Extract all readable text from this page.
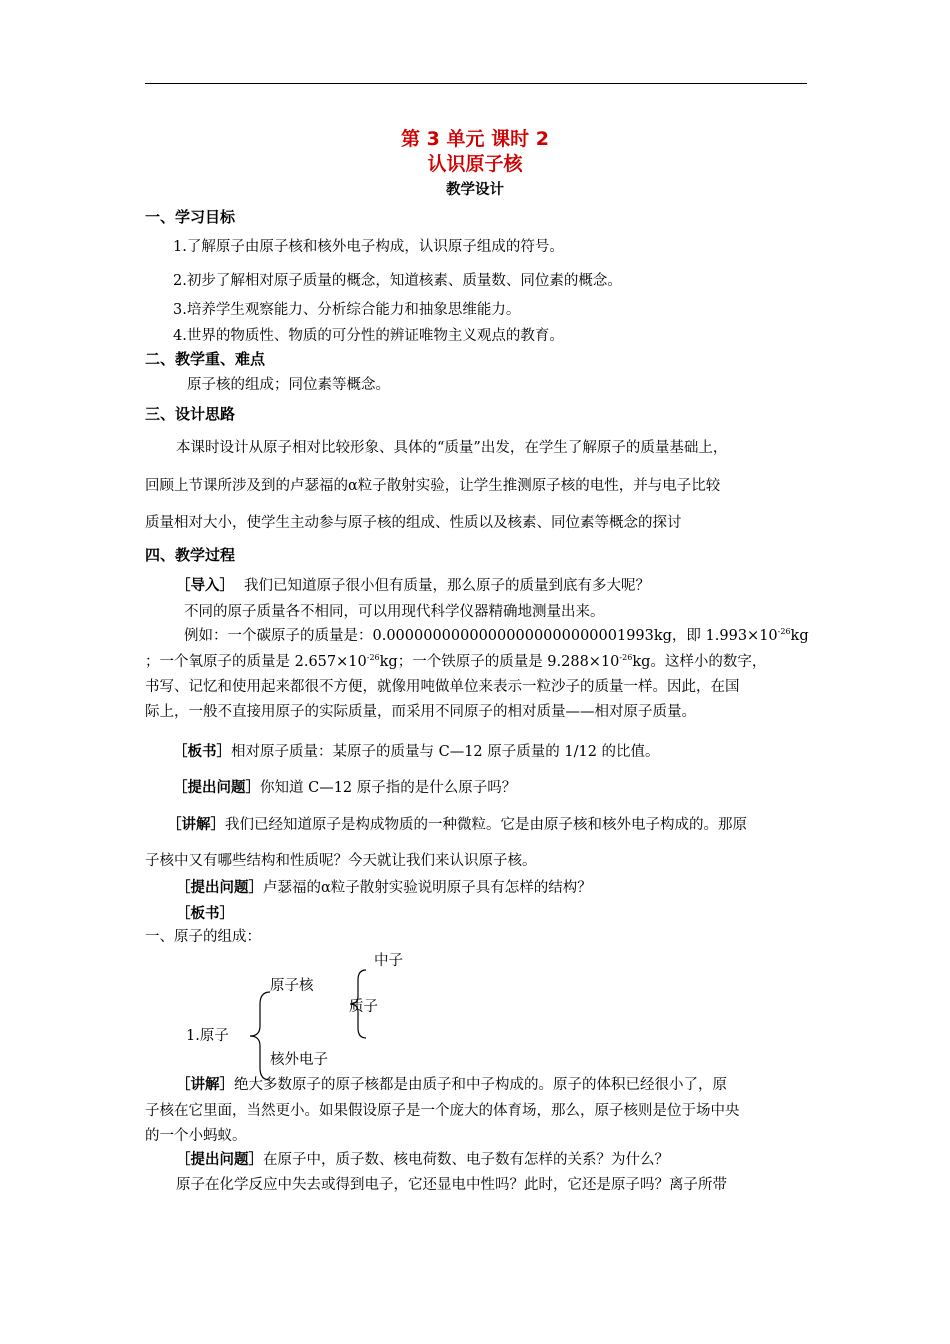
第 3 单元 课时 2
认识原子核
教学设计
一、学习目标
1.了解原子由原子核和核外电子构成，认识原子组成的符号。
2.初步了解相对原子质量的概念，知道核素、质量数、同位素的概念。
3.培养学生观察能力、分析综合能力和抽象思维能力。
4.世界的物质性、物质的可分性的辨证唯物主义观点的教育。
二、教学重、难点
原子核的组成；同位素等概念。
三、设计思路
本课时设计从原子相对比较形象、具体的“质量”出发，在学生了解原子的质量基础上，
回顾上节课所涉及到的卢瑟福的α粒子散射实验，让学生推测原子核的电性，并与电子比较
质量相对大小，使学生主动参与原子核的组成、性质以及核素、同位素等概念的探讨
四、教学过程
［导入］ 我们已知道原子很小但有质量，那么原子的质量到底有多大呢？
不同的原子质量各不相同，可以用现代科学仪器精确地测量出来。
例如：一个碳原子的质量是：0.00000000000000000000000001993kg，即 $1.993\times 10^{-26}kg$
；一个氧原子的质量是 $2.657\times 10^{-26}kg$；一个铁原子的质量是 $9.288\times 10^{-26}kg$。这样小的数字，
书写、记忆和使用起来都很不方便，就像用吨做单位来表示一粒沙子的质量一样。因此，在国
际上，一般不直接用原子的实际质量，而采用不同原子的相对质量——相对原子质量。
［板书］相对原子质量：某原子的质量与 C—12 原子质量的 1/12 的比值。
［提出问题］你知道 C—12 原子指的是什么原子吗？
［讲解］我们已经知道原子是构成物质的一种微粒。它是由原子核和核外电子构成的。那原
子核中又有哪些结构和性质呢？今天就让我们来认识原子核。
［提出问题］卢瑟福的α粒子散射实验说明原子具有怎样的结构？
［板书］
一、原子的组成：
中子
原子核
质子
1.原子
核外电子
［讲解］绝大多数原子的原子核都是由质子和中子构成的。原子的体积已经很小了，原
子核在它里面，当然更小。如果假设原子是一个庞大的体育场，那么，原子核则是位于场中央
的一个小蚂蚁。
［提出问题］在原子中，质子数、核电荷数、电子数有怎样的关系？为什么？
原子在化学反应中失去或得到电子，它还显电中性吗？此时，它还是原子吗？离子所带
